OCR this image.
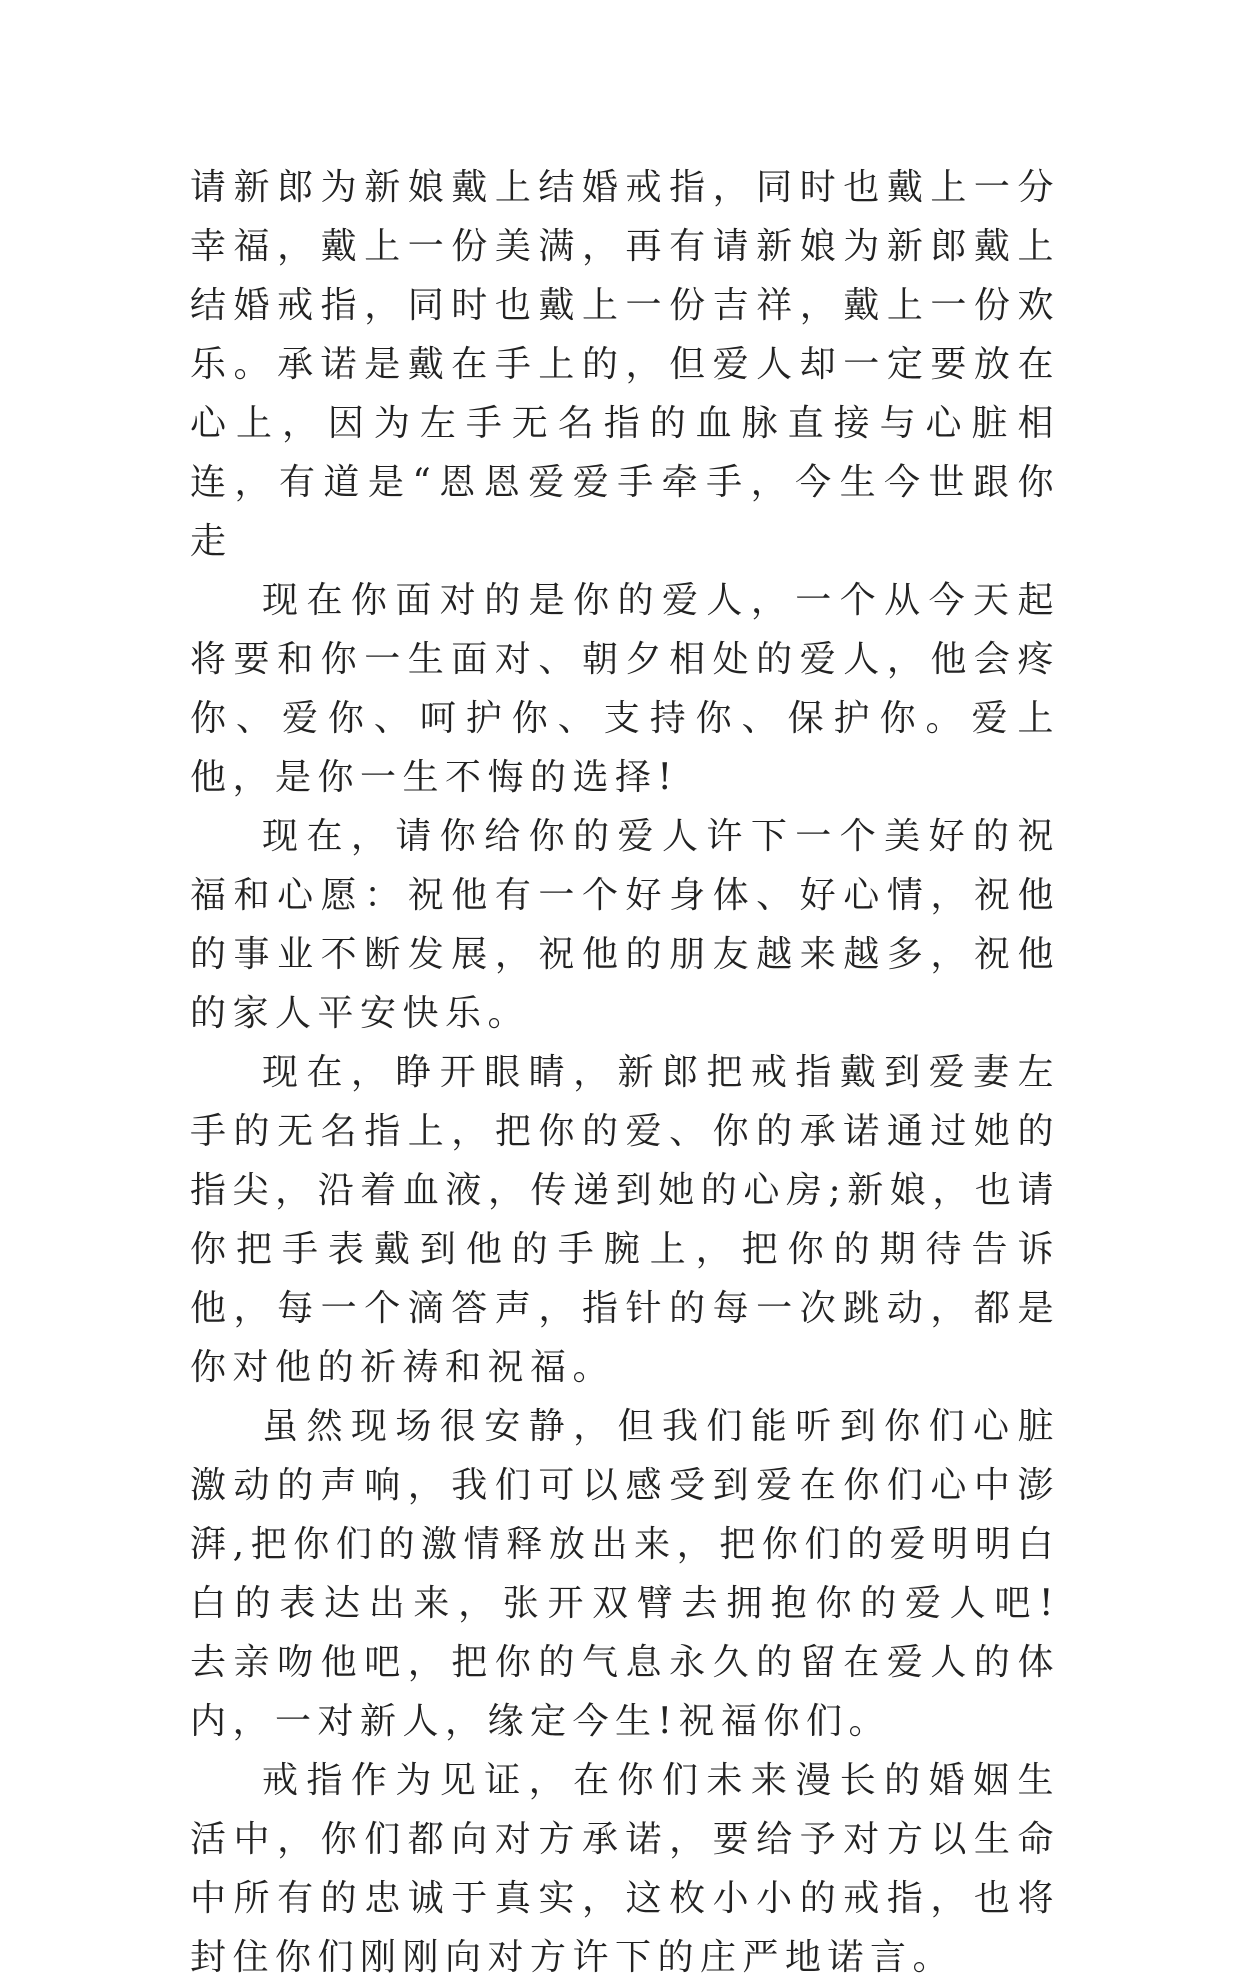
请新郎为新娘戴上结婚戒指，同时也戴上一分幸福，戴上一份美满，再有请新娘为新郎戴上结婚戒指，同时也戴上一份吉祥，戴上一份欢乐。承诺是戴在手上的，但爱人却一定要放在心上，因为左手无名指的血脉直接与心脏相连，有道是“恩恩爱爱手牵手，今生今世跟你走

现在你面对的是你的爱人，一个从今天起将要和你一生面对、朝夕相处的爱人，他会疼你、爱你、呵护你、支持你、保护你。爱上他，是你一生不悔的选择!

现在，请你给你的爱人许下一个美好的祝福和心愿：祝他有一个好身体、好心情，祝他的事业不断发展，祝他的朋友越来越多，祝他的家人平安快乐。

现在，睁开眼睛，新郎把戒指戴到爱妻左手的无名指上，把你的爱、你的承诺通过她的指尖，沿着血液，传递到她的心房;新娘，也请你把手表戴到他的手腕上，把你的期待告诉他，每一个滴答声，指针的每一次跳动，都是你对他的祈祷和祝福。

虽然现场很安静，但我们能听到你们心脏激动的声响，我们可以感受到爱在你们心中澎湃,把你们的激情释放出来，把你们的爱明明白白的表达出来，张开双臂去拥抱你的爱人吧!去亲吻他吧，把你的气息永久的留在爱人的体内，一对新人，缘定今生!祝福你们。

戒指作为见证，在你们未来漫长的婚姻生活中，你们都向对方承诺，要给予对方以生命中所有的忠诚于真实，这枚小小的戒指，也将封住你们刚刚向对方许下的庄严地诺言。
